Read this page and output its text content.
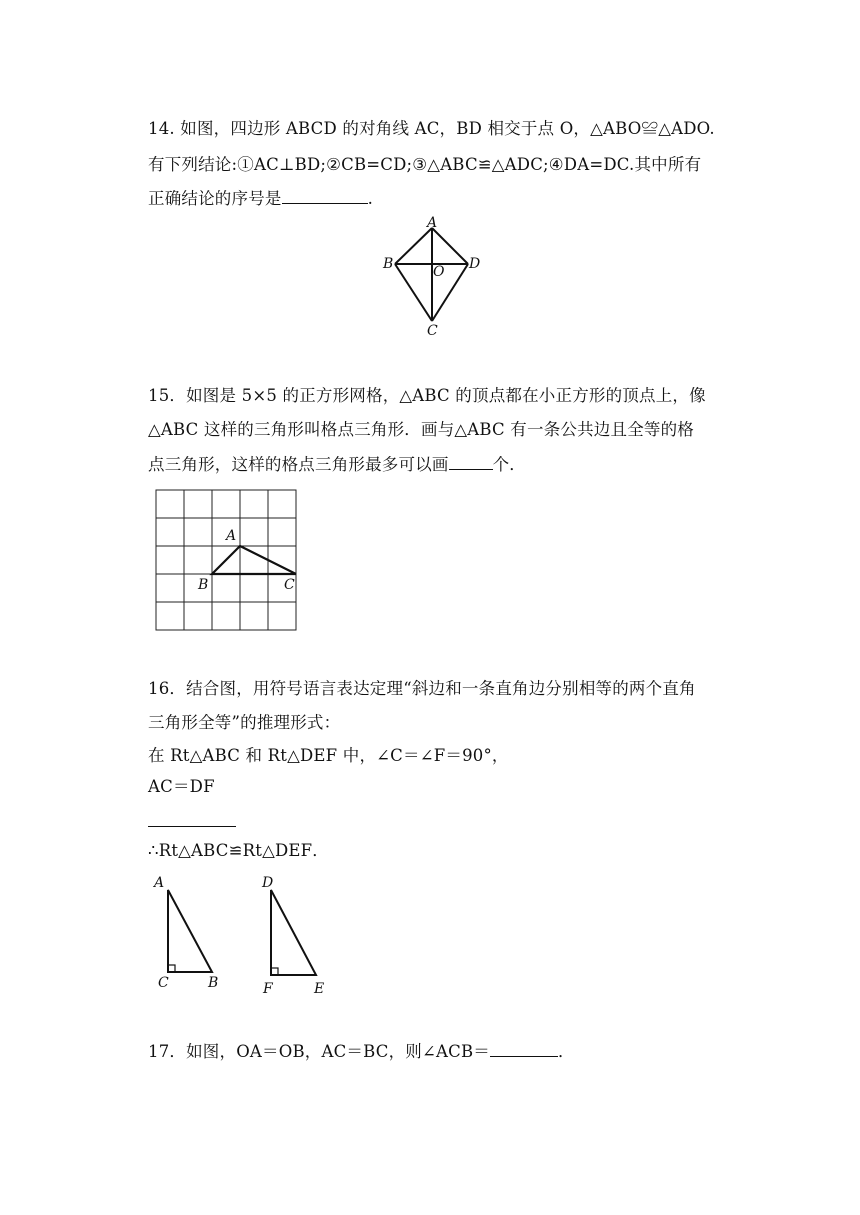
14. 如图，四边形 ABCD 的对角线 AC，BD 相交于点 O，△ABO≌△ADO.
有下列结论:①AC⊥BD;②CB=CD;③△ABC≌△ADC;④DA=DC.其中所有
正确结论的序号是	.
A
B	D
O
C
15．如图是 5×5 的正方形网格，△ABC 的顶点都在小正方形的顶点上，像
△ABC 这样的三角形叫格点三角形．画与△ABC 有一条公共边且全等的格
点三角形，这样的格点三角形最多可以画	个．
A
B	C
16．结合图，用符号语言表达定理“斜边和一条直角边分别相等的两个直角
三角形全等”的推理形式：
在 Rt△ABC 和 Rt△DEF 中，∠C＝∠F＝90°，
AC＝DF
∴Rt△ABC≌Rt△DEF．
A
C	B
D
F	E
17．如图，OA＝OB，AC＝BC，则∠ACB＝	．
